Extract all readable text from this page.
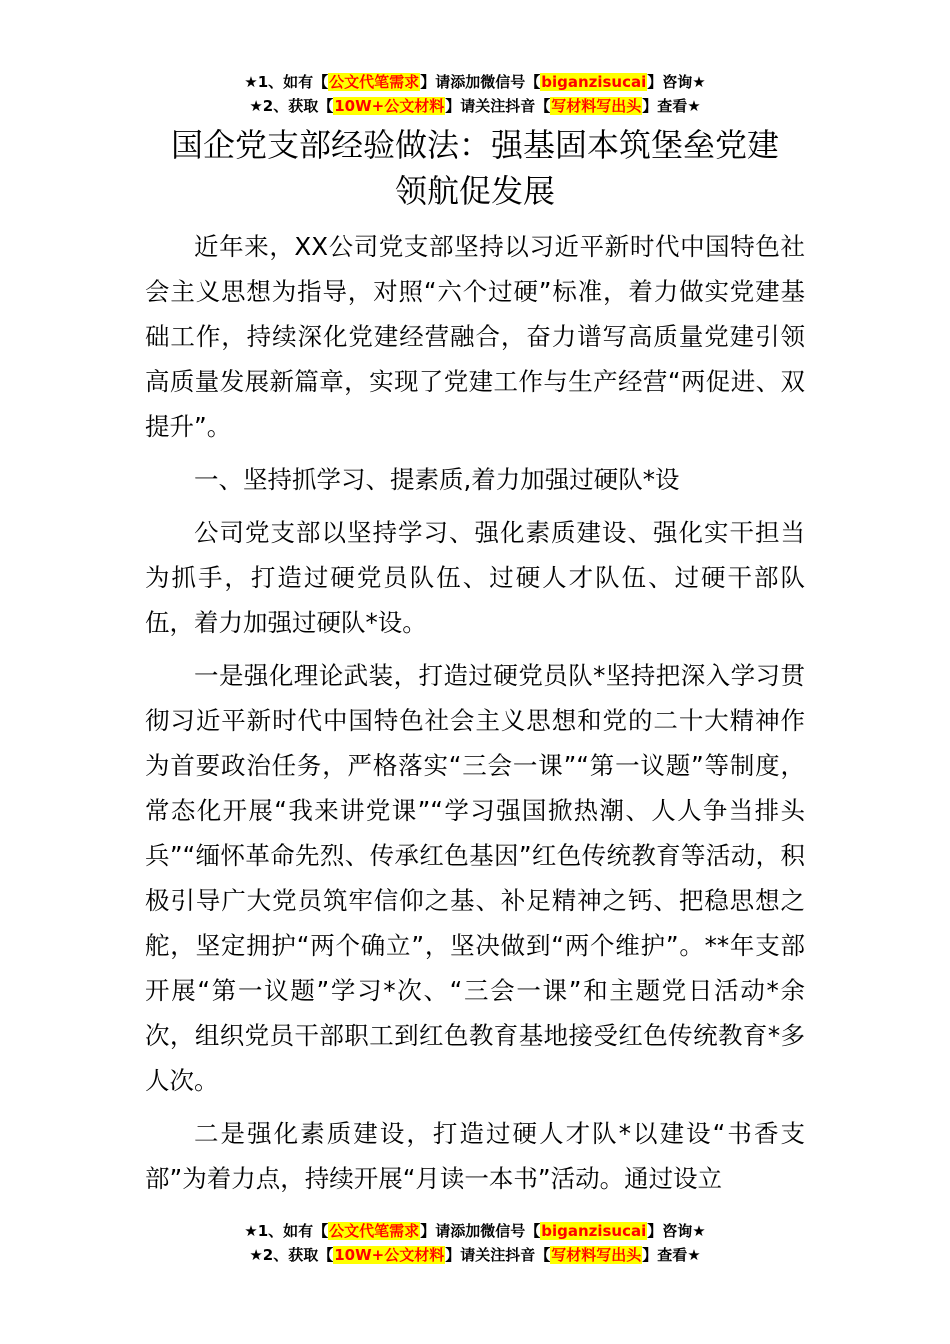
★1、如有【公文代笔需求】请添加微信号【biganzisucai】咨询★
★2、获取【10W+公文材料】请关注抖音【写材料写出头】查看★
国企党支部经验做法：强基固本筑堡垒党建
领航促发展

近年来，XX公司党支部坚持以习近平新时代中国特色社会主义思想为指导，对照“六个过硬”标准，着力做实党建基础工作，持续深化党建经营融合，奋力谱写高质量党建引领高质量发展新篇章，实现了党建工作与生产经营“两促进、双提升”。

一、坚持抓学习、提素质,着力加强过硬队*设

公司党支部以坚持学习、强化素质建设、强化实干担当为抓手，打造过硬党员队伍、过硬人才队伍、过硬干部队伍，着力加强过硬队*设。

一是强化理论武装，打造过硬党员队*坚持把深入学习贯彻习近平新时代中国特色社会主义思想和党的二十大精神作为首要政治任务，严格落实“三会一课”“第一议题”等制度，常态化开展“我来讲党课”“学习强国掀热潮、人人争当排头兵”“缅怀革命先烈、传承红色基因”红色传统教育等活动，积极引导广大党员筑牢信仰之基、补足精神之钙、把稳思想之舵，坚定拥护“两个确立”，坚决做到“两个维护”。**年支部开展“第一议题”学习*次、“三会一课”和主题党日活动*余次，组织党员干部职工到红色教育基地接受红色传统教育*多人次。

二是强化素质建设，打造过硬人才队*以建设“书香支部”为着力点，持续开展“月读一本书”活动。通过设立

★1、如有【公文代笔需求】请添加微信号【biganzisucai】咨询★
★2、获取【10W+公文材料】请关注抖音【写材料写出头】查看★
